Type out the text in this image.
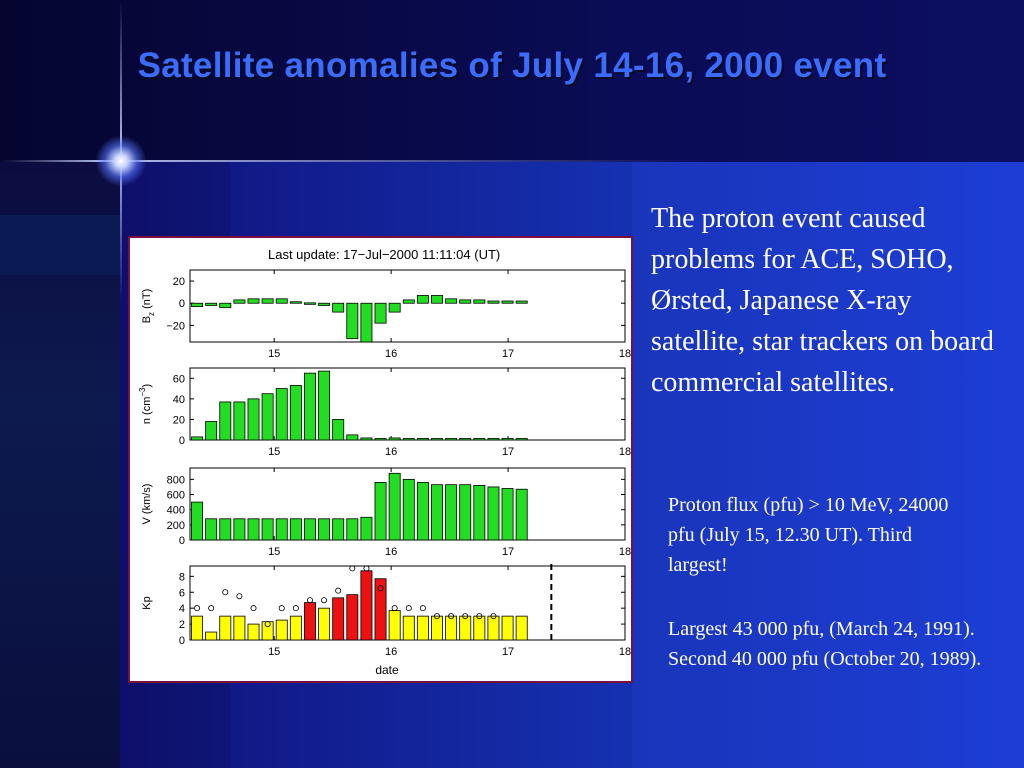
Satellite anomalies of July 14-16, 2000 event
Last update: 17−Jul−2000 11:11:04 (UT)
date
20
0
−20
15	16	17	18
$B_z$ (nT)
60
40
20
0
15	16	17	18
n $(cm^{-3})$
800
600
400
200
0
15	16	17	18
V (km/s)
8
6
4
2
0
15	16	17	18
Kp
The proton event caused problems for ACE, SOHO, Ørsted, Japanese X-ray satellite, star trackers on board commercial satellites.
Proton flux (pfu) > 10 MeV, 24000 pfu (July 15, 12.30 UT). Third largest!
Largest 43 000 pfu, (March 24, 1991). Second 40 000 pfu (October 20, 1989).
